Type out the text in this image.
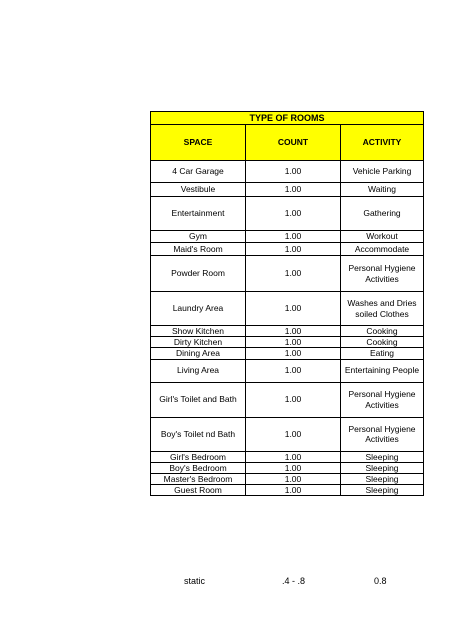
TYPE OF ROOMS		
SPACE	COUNT	ACTIVITY
4 Car Garage	1.00	Vehicle Parking
Vestibule	1.00	Waiting
Entertainment	1.00	Gathering
Gym	1.00	Workout
Maid's Room	1.00	Accommodate
Powder Room	1.00	Personal Hygiene Activities
Laundry Area	1.00	Washes and Dries soiled Clothes
Show Kitchen	1.00	Cooking
Dirty Kitchen	1.00	Cooking
Dining Area	1.00	Eating
Living Area	1.00	Entertaining People
Girl's Toilet and Bath	1.00	Personal Hygiene Activities
Boy's Toilet nd Bath	1.00	Personal Hygiene Activities
Girl's Bedroom	1.00	Sleeping
Boy's Bedroom	1.00	Sleeping
Master's Bedroom	1.00	Sleeping
Guest Room	1.00	Sleeping
static	.4 - .8	0.8
